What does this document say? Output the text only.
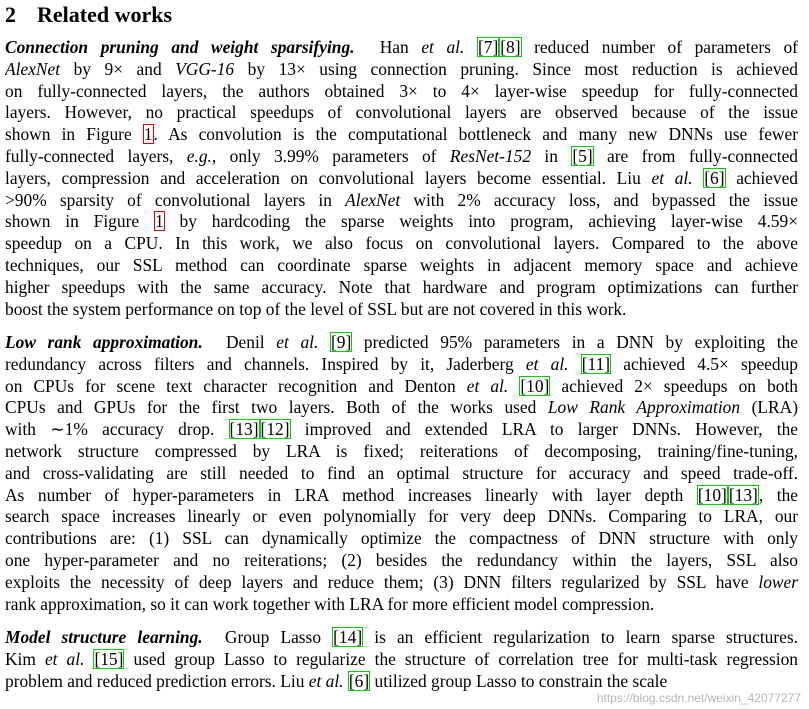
2 Related works
Connection pruning and weight sparsifying.  Han et al. [7] [8] reduced number of parameters of
AlexNet by 9× and VGG-16 by 13× using connection pruning. Since most reduction is achieved
on fully-connected layers, the authors obtained 3× to 4× layer-wise speedup for fully-connected
layers. However, no practical speedups of convolutional layers are observed because of the issue
shown in Figure 1. As convolution is the computational bottleneck and many new DNNs use fewer
fully-connected layers, e.g., only 3.99% parameters of ResNet-152 in [5] are from fully-connected
layers, compression and acceleration on convolutional layers become essential. Liu et al. [6] achieved
>90% sparsity of convolutional layers in AlexNet with 2% accuracy loss, and bypassed the issue
shown in Figure 1 by hardcoding the sparse weights into program, achieving layer-wise 4.59×
speedup on a CPU. In this work, we also focus on convolutional layers. Compared to the above
techniques, our SSL method can coordinate sparse weights in adjacent memory space and achieve
higher speedups with the same accuracy. Note that hardware and program optimizations can further
boost the system performance on top of the level of SSL but are not covered in this work.
Low rank approximation.  Denil et al. [9] predicted 95% parameters in a DNN by exploiting the
redundancy across filters and channels. Inspired by it, Jaderberg et al. [11] achieved 4.5× speedup
on CPUs for scene text character recognition and Denton et al. [10] achieved 2× speedups on both
CPUs and GPUs for the first two layers. Both of the works used Low Rank Approximation (LRA)
with ∼1% accuracy drop. [13] [12] improved and extended LRA to larger DNNs. However, the
network structure compressed by LRA is fixed; reiterations of decomposing, training/fine-tuning,
and cross-validating are still needed to find an optimal structure for accuracy and speed trade-off.
As number of hyper-parameters in LRA method increases linearly with layer depth [10] [13], the
search space increases linearly or even polynomially for very deep DNNs. Comparing to LRA, our
contributions are: (1) SSL can dynamically optimize the compactness of DNN structure with only
one hyper-parameter and no reiterations; (2) besides the redundancy within the layers, SSL also
exploits the necessity of deep layers and reduce them; (3) DNN filters regularized by SSL have lower
rank approximation, so it can work together with LRA for more efficient model compression.
Model structure learning.  Group Lasso [14] is an efficient regularization to learn sparse structures.
Kim et al. [15] used group Lasso to regularize the structure of correlation tree for multi-task regression
problem and reduced prediction errors. Liu et al. [6] utilized group Lasso to constrain the scale
https://blog.csdn.net/weixin_42077277
